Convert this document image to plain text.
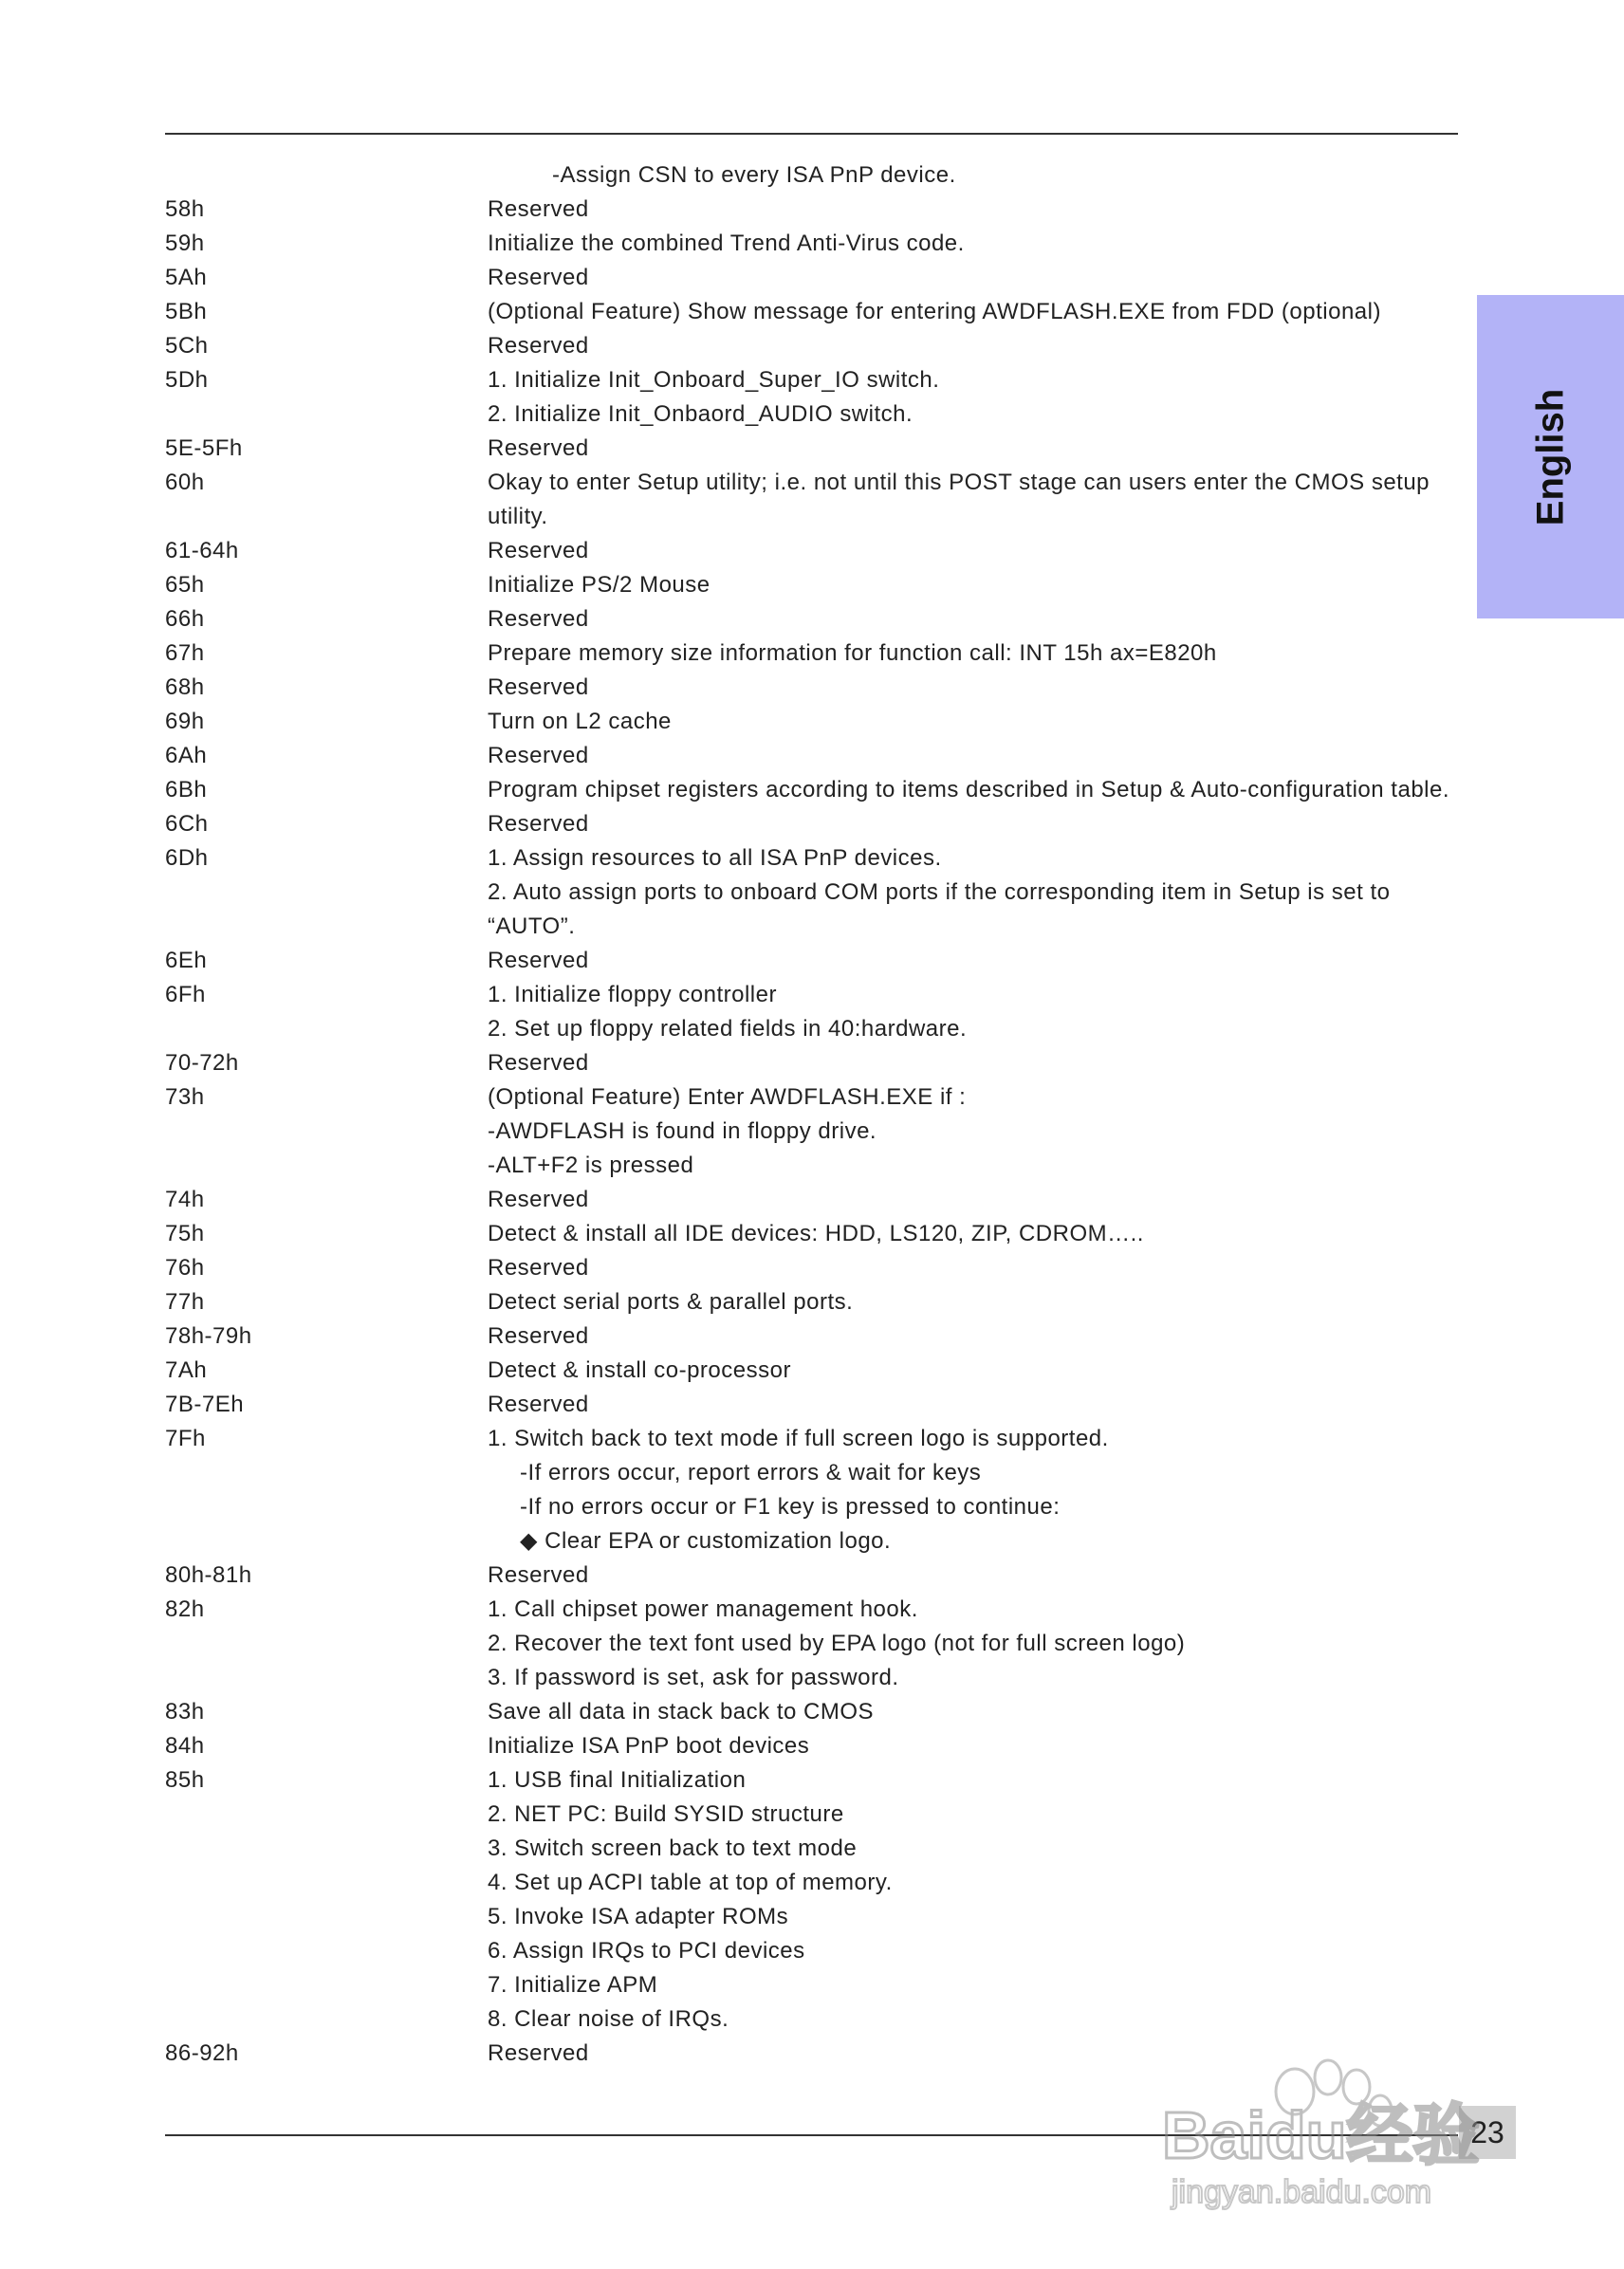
-Assign CSN to every ISA PnP device.
58h	Reserved
59h	Initialize the combined Trend Anti-Virus code.
5Ah	Reserved
5Bh	(Optional Feature) Show message for entering AWDFLASH.EXE from FDD (optional)
5Ch	Reserved
5Dh	1. Initialize Init_Onboard_Super_IO switch.
2. Initialize Init_Onbaord_AUDIO switch.
5E-5Fh	Reserved
60h	Okay to enter Setup utility; i.e. not until this POST stage can users enter the CMOS setup utility.
61-64h	Reserved
65h	Initialize PS/2 Mouse
66h	Reserved
67h	Prepare memory size information for function call: INT 15h ax=E820h
68h	Reserved
69h	Turn on L2 cache
6Ah	Reserved
6Bh	Program chipset registers according to items described in Setup & Auto-configuration table.
6Ch	Reserved
6Dh	1. Assign resources to all ISA PnP devices.
2. Auto assign ports to onboard COM ports if the corresponding item in Setup is set to “AUTO”.
6Eh	Reserved
6Fh	1. Initialize floppy controller
2. Set up floppy related fields in 40:hardware.
70-72h	Reserved
73h	(Optional Feature) Enter AWDFLASH.EXE if :
-AWDFLASH is found in floppy drive.
-ALT+F2 is pressed
74h	Reserved
75h	Detect & install all IDE devices: HDD, LS120, ZIP, CDROM…..
76h	Reserved
77h	Detect serial ports & parallel ports.
78h-79h	Reserved
7Ah	Detect & install co-processor
7B-7Eh	Reserved
7Fh	1. Switch back to text mode if full screen logo is supported.
-If errors occur, report errors & wait for keys
-If no errors occur or F1 key is pressed to continue:
◆ Clear EPA or customization logo.
80h-81h	Reserved
82h	1. Call chipset power management hook.
2. Recover the text font used by EPA logo (not for full screen logo)
3. If password is set, ask for password.
83h	Save all data in stack back to CMOS
84h	Initialize ISA PnP boot devices
85h	1. USB final Initialization
2. NET PC: Build SYSID structure
3. Switch screen back to text mode
4. Set up ACPI table at top of memory.
5. Invoke ISA adapter ROMs
6. Assign IRQs to PCI devices
7. Initialize APM
8. Clear noise of IRQs.
86-92h	Reserved
English
23
Baidu经验
jingyan.baidu.com
